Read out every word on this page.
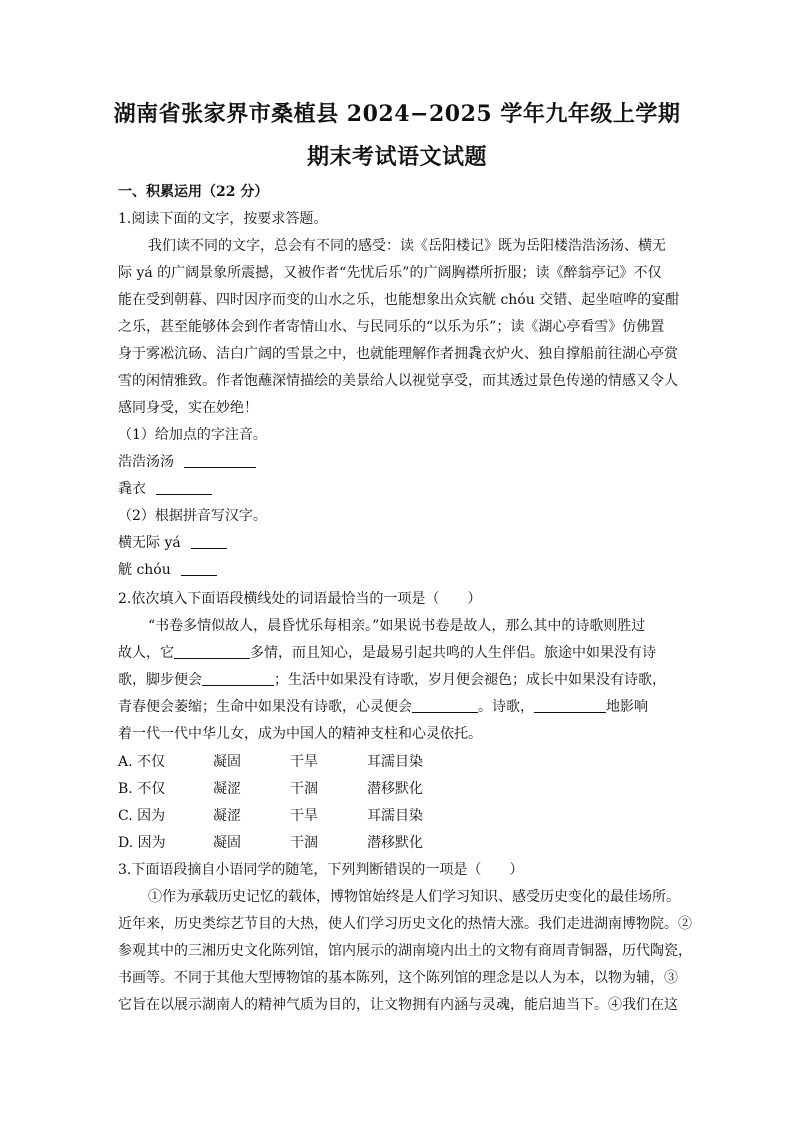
湖南省张家界市桑植县 2024−2025 学年九年级上学期
期末考试语文试题
一、积累运用（22 分）
1.阅读下面的文字，按要求答题。
我们读不同的文字，总会有不同的感受：读《岳阳楼记》既为岳阳楼浩浩汤汤、横无
际 yá 的广阔景象所震撼，又被作者“先忧后乐”的广阔胸襟所折服；读《醉翁亭记》不仅
能在受到朝暮、四时因序而变的山水之乐，也能想象出众宾觥 chóu 交错、起坐喧哗的宴酣
之乐，甚至能够体会到作者寄情山水、与民同乐的“以乐为乐”；读《湖心亭看雪》仿佛置
身于雾凇沆砀、洁白广阔的雪景之中，也就能理解作者拥毳衣炉火、独自撑船前往湖心亭赏
雪的闲情雅致。作者饱蘸深情描绘的美景给人以视觉享受，而其透过景色传递的情感又令人
感同身受，实在妙绝！
（1）给加点的字注音。
浩浩汤汤
毳衣
（2）根据拼音写汉字。
横无际 yá
觥 chóu
2.依次填入下面语段横线处的词语最恰当的一项是（　　）
“书卷多情似故人，晨昏忧乐每相亲。”如果说书卷是故人，那么其中的诗歌则胜过
故人，它	多情，而且知心，是最易引起共鸣的人生伴侣。旅途中如果没有诗
歌，脚步便会	；生活中如果没有诗歌，岁月便会褪色；成长中如果没有诗歌，
青春便会萎缩；生命中如果没有诗歌，心灵便会	。诗歌，	地影响
着一代一代中华儿女，成为中国人的精神支柱和心灵依托。
A. 不仅	凝固	干旱	耳濡目染
B. 不仅	凝涩	干涸	潜移默化
C. 因为	凝涩	干旱	耳濡目染
D. 因为	凝固	干涸	潜移默化
3.下面语段摘自小语同学的随笔，下列判断错误的一项是（　　）
①作为承载历史记忆的载体，博物馆始终是人们学习知识、感受历史变化的最佳场所。
近年来，历史类综艺节目的大热，使人们学习历史文化的热情大涨。我们走进湖南博物院。②
参观其中的三湘历史文化陈列馆，馆内展示的湖南境内出土的文物有商周青铜器，历代陶瓷，
书画等。不同于其他大型博物馆的基本陈列，这个陈列馆的理念是以人为本，以物为辅，③
它旨在以展示湖南人的精神气质为目的，让文物拥有内涵与灵魂，能启迪当下。④我们在这
